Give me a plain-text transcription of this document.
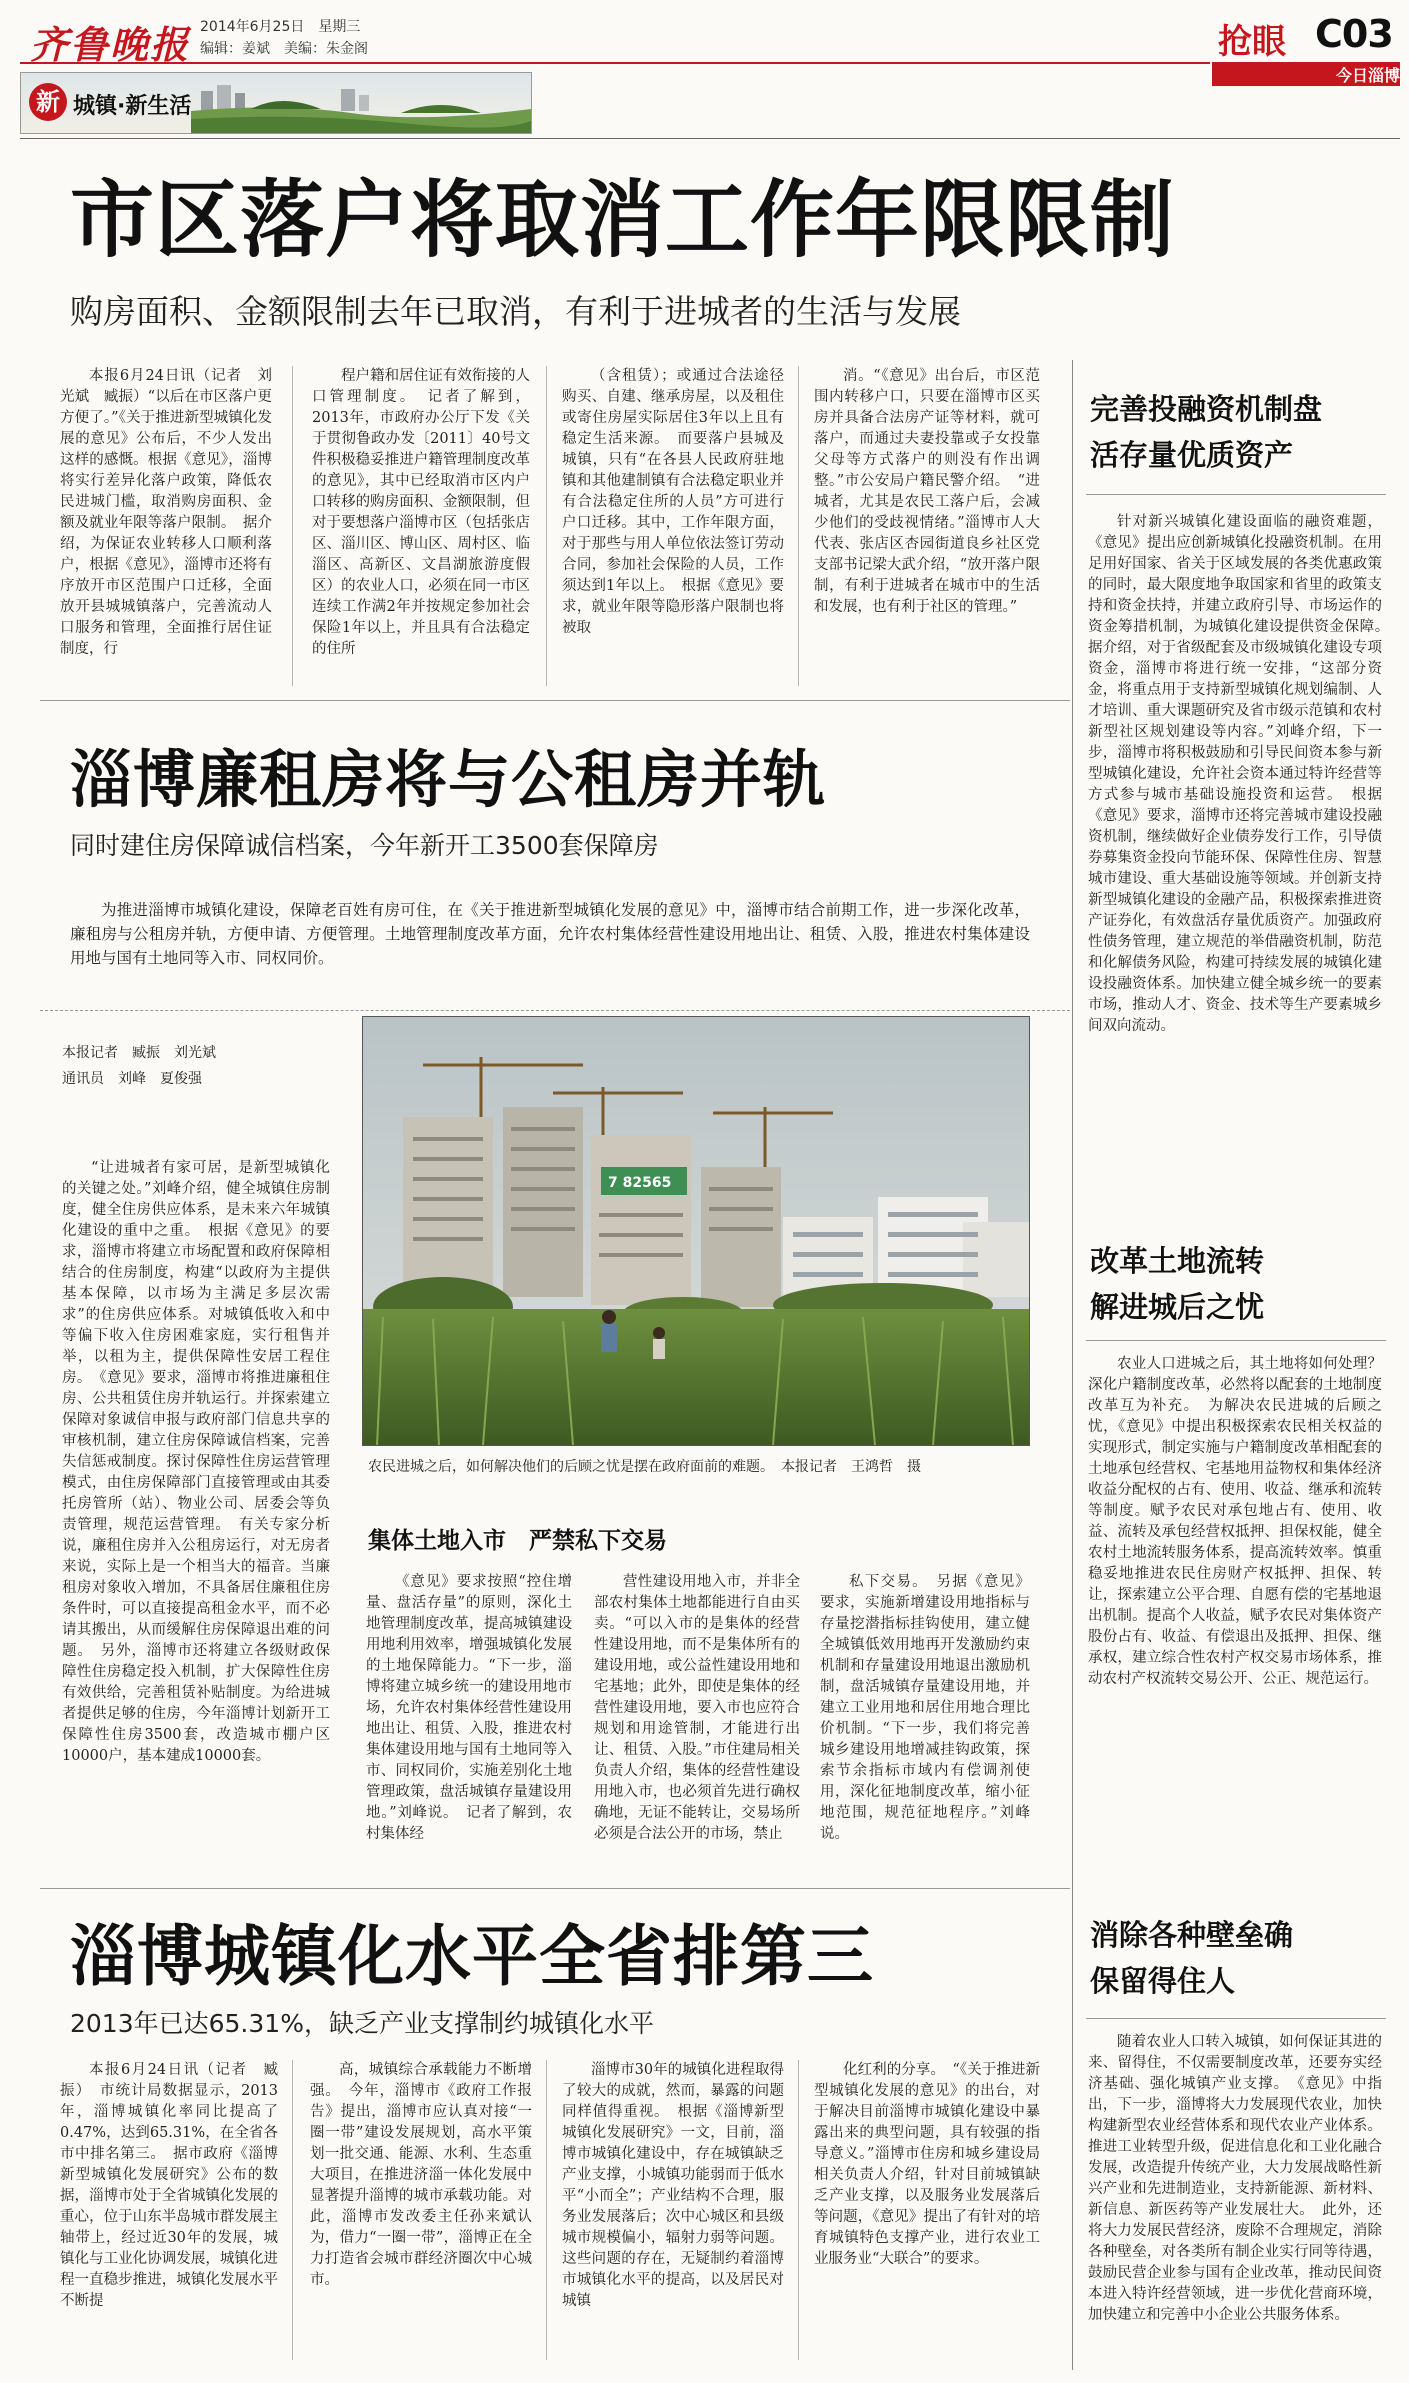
齐鲁晚报 2014年6月25日　星期三
编辑：姜斌　美编：朱金阁	抢眼 C03
今日淄博
新 城镇·新生活
市区落户将取消工作年限限制
购房面积、金额限制去年已取消，有利于进城者的生活与发展

本报6月24日讯（记者　刘光斌　臧振）“以后在市区落户更方便了。”《关于推进新型城镇化发展的意见》公布后，不少人发出这样的感慨。根据《意见》，淄博将实行差异化落户政策，降低农民进城门槛，取消购房面积、金额及就业年限等落户限制。　据介绍，为保证农业转移人口顺利落户，根据《意见》，淄博市还将有序放开市区范围户口迁移，全面放开县城城镇落户，完善流动人口服务和管理，全面推行居住证制度，行

程户籍和居住证有效衔接的人口管理制度。　记者了解到，2013年，市政府办公厅下发《关于贯彻鲁政办发〔2011〕40号文件积极稳妥推进户籍管理制度改革的意见》，其中已经取消市区内户口转移的购房面积、金额限制，但对于要想落户淄博市区（包括张店区、淄川区、博山区、周村区、临淄区、高新区、文昌湖旅游度假区）的农业人口，必须在同一市区连续工作满2年并按规定参加社会保险1年以上，并且具有合法稳定的住所

（含租赁）；或通过合法途径购买、自建、继承房屋，以及租住或寄住房屋实际居住3年以上且有稳定生活来源。　而要落户县城及城镇，只有“在各县人民政府驻地镇和其他建制镇有合法稳定职业并有合法稳定住所的人员”方可进行户口迁移。其中，工作年限方面，对于那些与用人单位依法签订劳动合同，参加社会保险的人员，工作须达到1年以上。　根据《意见》要求，就业年限等隐形落户限制也将被取

消。“《意见》出台后，市区范围内转移户口，只要在淄博市区买房并具备合法房产证等材料，就可落户，而通过夫妻投靠或子女投靠父母等方式落户的则没有作出调整。”市公安局户籍民警介绍。　“进城者，尤其是农民工落户后，会减少他们的受歧视情绪。”淄博市人大代表、张店区杏园街道良乡社区党支部书记梁大武介绍，“放开落户限制，有利于进城者在城市中的生活和发展，也有利于社区的管理。”

淄博廉租房将与公租房并轨
同时建住房保障诚信档案，今年新开工3500套保障房

为推进淄博市城镇化建设，保障老百姓有房可住，在《关于推进新型城镇化发展的意见》中，淄博市结合前期工作，进一步深化改革，廉租房与公租房并轨，方便申请、方便管理。土地管理制度改革方面，允许农村集体经营性建设用地出让、租赁、入股，推进农村集体建设用地与国有土地同等入市、同权同价。

本报记者　臧振　刘光斌
通讯员　刘峰　夏俊强

“让进城者有家可居，是新型城镇化的关键之处。”刘峰介绍，健全城镇住房制度，健全住房供应体系，是未来六年城镇化建设的重中之重。　根据《意见》的要求，淄博市将建立市场配置和政府保障相结合的住房制度，构建“以政府为主提供基本保障，以市场为主满足多层次需求”的住房供应体系。对城镇低收入和中等偏下收入住房困难家庭，实行租售并举，以租为主，提供保障性安居工程住房。　《意见》要求，淄博市将推进廉租住房、公共租赁住房并轨运行。并探索建立保障对象诚信申报与政府部门信息共享的审核机制，建立住房保障诚信档案，完善失信惩戒制度。探讨保障性住房运营管理模式，由住房保障部门直接管理或由其委托房管所（站）、物业公司、居委会等负责管理，规范运营管理。　有关专家分析说，廉租住房并入公租房运行，对无房者来说，实际上是一个相当大的福音。当廉租房对象收入增加，不具备居住廉租住房条件时，可以直接提高租金水平，而不必请其搬出，从而缓解住房保障退出难的问题。　另外，淄博市还将建立各级财政保障性住房稳定投入机制，扩大保障性住房有效供给，完善租赁补贴制度。为给进城者提供足够的住房，今年淄博计划新开工保障性住房3500套，改造城市棚户区10000户，基本建成10000套。

7 82565
农民进城之后，如何解决他们的后顾之忧是摆在政府面前的难题。　本报记者　王鸿哲　摄
集体土地入市　严禁私下交易

《意见》要求按照“控住增量、盘活存量”的原则，深化土地管理制度改革，提高城镇建设用地利用效率，增强城镇化发展的土地保障能力。“下一步，淄博将建立城乡统一的建设用地市场，允许农村集体经营性建设用地出让、租赁、入股，推进农村集体建设用地与国有土地同等入市、同权同价，实施差别化土地管理政策，盘活城镇存量建设用地。”刘峰说。　记者了解到，农村集体经

营性建设用地入市，并非全部农村集体土地都能进行自由买卖。“可以入市的是集体的经营性建设用地，而不是集体所有的建设用地，或公益性建设用地和宅基地；此外，即使是集体的经营性建设用地，要入市也应符合规划和用途管制，才能进行出让、租赁、入股。”市住建局相关负责人介绍，集体的经营性建设用地入市，也必须首先进行确权确地，无证不能转让，交易场所必须是合法公开的市场，禁止

私下交易。　另据《意见》要求，实施新增建设用地指标与存量挖潜指标挂钩使用，建立健全城镇低效用地再开发激励约束机制和存量建设用地退出激励机制，盘活城镇存量建设用地，并建立工业用地和居住用地合理比价机制。“下一步，我们将完善城乡建设用地增减挂钩政策，探索节余指标市域内有偿调剂使用，深化征地制度改革，缩小征地范围，规范征地程序。”刘峰说。

淄博城镇化水平全省排第三
2013年已达65.31%，缺乏产业支撑制约城镇化水平

本报6月24日讯（记者　臧振）　市统计局数据显示，2013年，淄博城镇化率同比提高了0.47%，达到65.31%，在全省各市中排名第三。　据市政府《淄博新型城镇化发展研究》公布的数据，淄博市处于全省城镇化发展的重心，位于山东半岛城市群发展主轴带上，经过近30年的发展，城镇化与工业化协调发展，城镇化进程一直稳步推进，城镇化发展水平不断提

高，城镇综合承载能力不断增强。　今年，淄博市《政府工作报告》提出，淄博市应认真对接“一圈一带”建设发展规划，高水平策划一批交通、能源、水利、生态重大项目，在推进济淄一体化发展中显著提升淄博的城市承载功能。对此，淄博市发改委主任孙来斌认为，借力“一圈一带”，淄博正在全力打造省会城市群经济圈次中心城市。

淄博市30年的城镇化进程取得了较大的成就，然而，暴露的问题同样值得重视。　根据《淄博新型城镇化发展研究》一文，目前，淄博市城镇化建设中，存在城镇缺乏产业支撑，小城镇功能弱而于低水平“小而全”；产业结构不合理，服务业发展落后；次中心城区和县级城市规模偏小，辐射力弱等问题。这些问题的存在，无疑制约着淄博市城镇化水平的提高，以及居民对城镇

化红利的分享。　“《关于推进新型城镇化发展的意见》的出台，对于解决目前淄博市城镇化建设中暴露出来的典型问题，具有较强的指导意义。”淄博市住房和城乡建设局相关负责人介绍，针对目前城镇缺乏产业支撑，以及服务业发展落后等问题，《意见》提出了有针对的培育城镇特色支撑产业，进行农业工业服务业“大联合”的要求。

完善投融资机制盘活存量优质资产

针对新兴城镇化建设面临的融资难题，《意见》提出应创新城镇化投融资机制。在用足用好国家、省关于区域发展的各类优惠政策的同时，最大限度地争取国家和省里的政策支持和资金扶持，并建立政府引导、市场运作的资金筹措机制，为城镇化建设提供资金保障。　据介绍，对于省级配套及市级城镇化建设专项资金，淄博市将进行统一安排，“这部分资金，将重点用于支持新型城镇化规划编制、人才培训、重大课题研究及省市级示范镇和农村新型社区规划建设等内容。”刘峰介绍，下一步，淄博市将积极鼓励和引导民间资本参与新型城镇化建设，允许社会资本通过特许经营等方式参与城市基础设施投资和运营。　根据《意见》要求，淄博市还将完善城市建设投融资机制，继续做好企业债券发行工作，引导债券募集资金投向节能环保、保障性住房、智慧城市建设、重大基础设施等领域。并创新支持新型城镇化建设的金融产品，积极探索推进资产证券化，有效盘活存量优质资产。加强政府性债务管理，建立规范的举借融资机制，防范和化解债务风险，构建可持续发展的城镇化建设投融资体系。加快建立健全城乡统一的要素市场，推动人才、资金、技术等生产要素城乡间双向流动。

改革土地流转解进城后之忧

农业人口进城之后，其土地将如何处理？深化户籍制度改革，必然将以配套的土地制度改革互为补充。　为解决农民进城的后顾之忧，《意见》中提出积极探索农民相关权益的实现形式，制定实施与户籍制度改革相配套的土地承包经营权、宅基地用益物权和集体经济收益分配权的占有、使用、收益、继承和流转等制度。赋予农民对承包地占有、使用、收益、流转及承包经营权抵押、担保权能，健全农村土地流转服务体系，提高流转效率。慎重稳妥地推进农民住房财产权抵押、担保、转让，探索建立公平合理、自愿有偿的宅基地退出机制。提高个人收益，赋予农民对集体资产股份占有、收益、有偿退出及抵押、担保、继承权，建立综合性农村产权交易市场体系，推动农村产权流转交易公开、公正、规范运行。

消除各种壁垒确保留得住人

随着农业人口转入城镇，如何保证其进的来、留得住，不仅需要制度改革，还要夯实经济基础、强化城镇产业支撑。　《意见》中指出，下一步，淄博将大力发展现代农业，加快构建新型农业经营体系和现代农业产业体系。推进工业转型升级，促进信息化和工业化融合发展，改造提升传统产业，大力发展战略性新兴产业和先进制造业，支持新能源、新材料、新信息、新医药等产业发展壮大。　此外，还将大力发展民营经济，废除不合理规定，消除各种壁垒，对各类所有制企业实行同等待遇，鼓励民营企业参与国有企业改革，推动民间资本进入特许经营领域，进一步优化营商环境，加快建立和完善中小企业公共服务体系。
